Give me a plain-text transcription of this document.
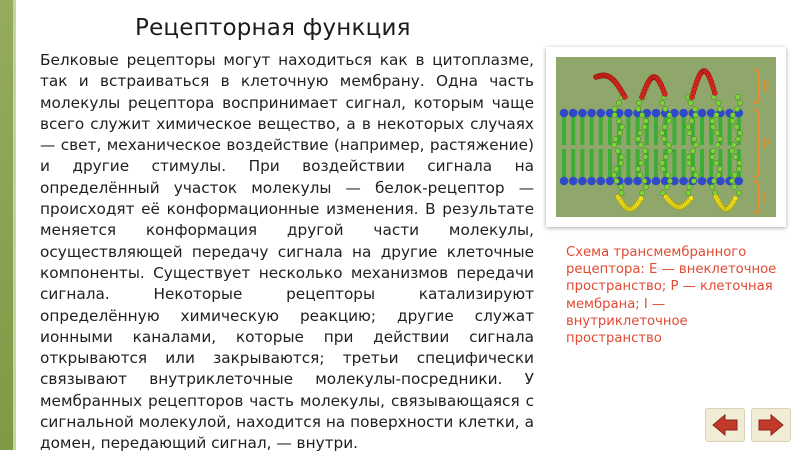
Рецепторная функция
Белковые рецепторы могут находиться как в цитоплазме, так и встраиваться в клеточную мембрану. Одна часть молекулы рецептора воспринимает сигнал, которым чаще всего служит химическое вещество, а в некоторых случаях — свет, механическое воздействие (например, растяжение) и другие стимулы. При воздействии сигнала на определённый участок молекулы — белок-рецептор — происходят её конформационные изменения. В результате меняется конформация другой части молекулы, осуществляющей передачу сигнала на другие клеточные компоненты. Существует несколько механизмов передачи сигнала. Некоторые рецепторы катализируют определённую химическую реакцию; другие служат ионными каналами, которые при действии сигнала открываются или закрываются; третьи специфически связывают внутриклеточные молекулы-посредники. У мембранных рецепторов часть молекулы, связывающаяся с сигнальной молекулой, находится на поверхности клетки, а домен, передающий сигнал, — внутри.
E
P
I
Схема трансмембранного рецептора: E — внеклеточное пространство; P — клеточная мембрана; I — внутриклеточное пространство
